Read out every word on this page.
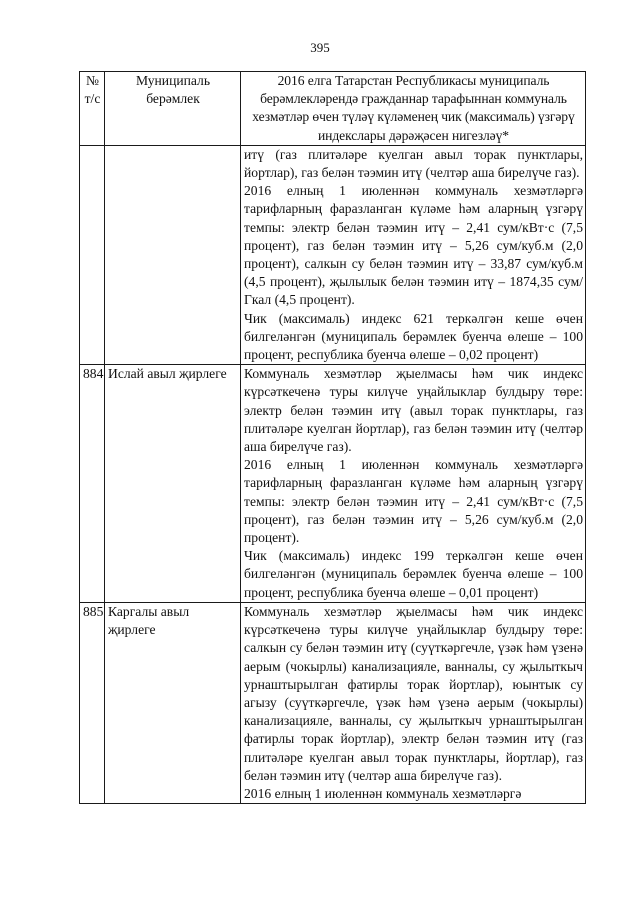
395
№ т/с	Муниципаль берәмлек	2016 елга Татарстан Республикасы муниципаль берәмлекләрендә гражданнар тарафыннан коммуналь хезмәтләр өчен түләү күләменең чик (максималь) үзгәрү индекслары дәрәҗәсен нигезләү*

		итү (газ плитәләре куелган авыл торак пунктлары, йортлар), газ белән тәэмин итү (челтәр аша бирелүче газ).

2016 елның 1 июленнән коммуналь хезмәтләргә тарифларның фаразланган күләме һәм аларның үзгәрү темпы: электр белән тәэмин итү – 2,41 сум/кВт·с (7,5 процент), газ белән тәэмин итү – 5,26 сум/куб.м (2,0 процент), салкын су белән тәэмин итү – 33,87 сум/куб.м (4,5 процент), җылылык белән тәэмин итү – 1874,35 сум/Гкал (4,5 процент).

Чик (максималь) индекс 621 теркәлгән кеше өчен билгеләнгән (муниципаль берәмлек буенча өлеше – 100 процент, республика буенча өлеше – 0,02 процент)

884	Ислай авыл җирлеге	Коммуналь хезмәтләр җыелмасы һәм чик индекс күрсәткеченә туры килүче уңайлыклар булдыру төре: электр белән тәэмин итү (авыл торак пунктлары, газ плитәләре куелган йортлар), газ белән тәэмин итү (челтәр аша бирелүче газ).

2016 елның 1 июленнән коммуналь хезмәтләргә тарифларның фаразланган күләме һәм аларның үзгәрү темпы: электр белән тәэмин итү – 2,41 сум/кВт·с (7,5 процент), газ белән тәэмин итү – 5,26 сум/куб.м (2,0 процент).

Чик (максималь) индекс 199 теркәлгән кеше өчен билгеләнгән (муниципаль берәмлек буенча өлеше – 100 процент, республика буенча өлеше – 0,01 процент)

885	Каргалы авыл җирлеге	Коммуналь хезмәтләр җыелмасы һәм чик индекс күрсәткеченә туры килүче уңайлыклар булдыру төре: салкын су белән тәэмин итү (суүткәргечле, үзәк һәм үзенә аерым (чокырлы) канализацияле, ванналы, су җылыткыч урнаштырылган фатирлы торак йортлар), юынтык су агызу (суүткәргечле, үзәк һәм үзенә аерым (чокырлы) канализацияле, ванналы, су җылыткыч урнаштырылган фатирлы торак йортлар), электр белән тәэмин итү (газ плитәләре куелган авыл торак пунктлары, йортлар), газ белән тәэмин итү (челтәр аша бирелүче газ).

2016 елның 1 июленнән коммуналь хезмәтләргә
